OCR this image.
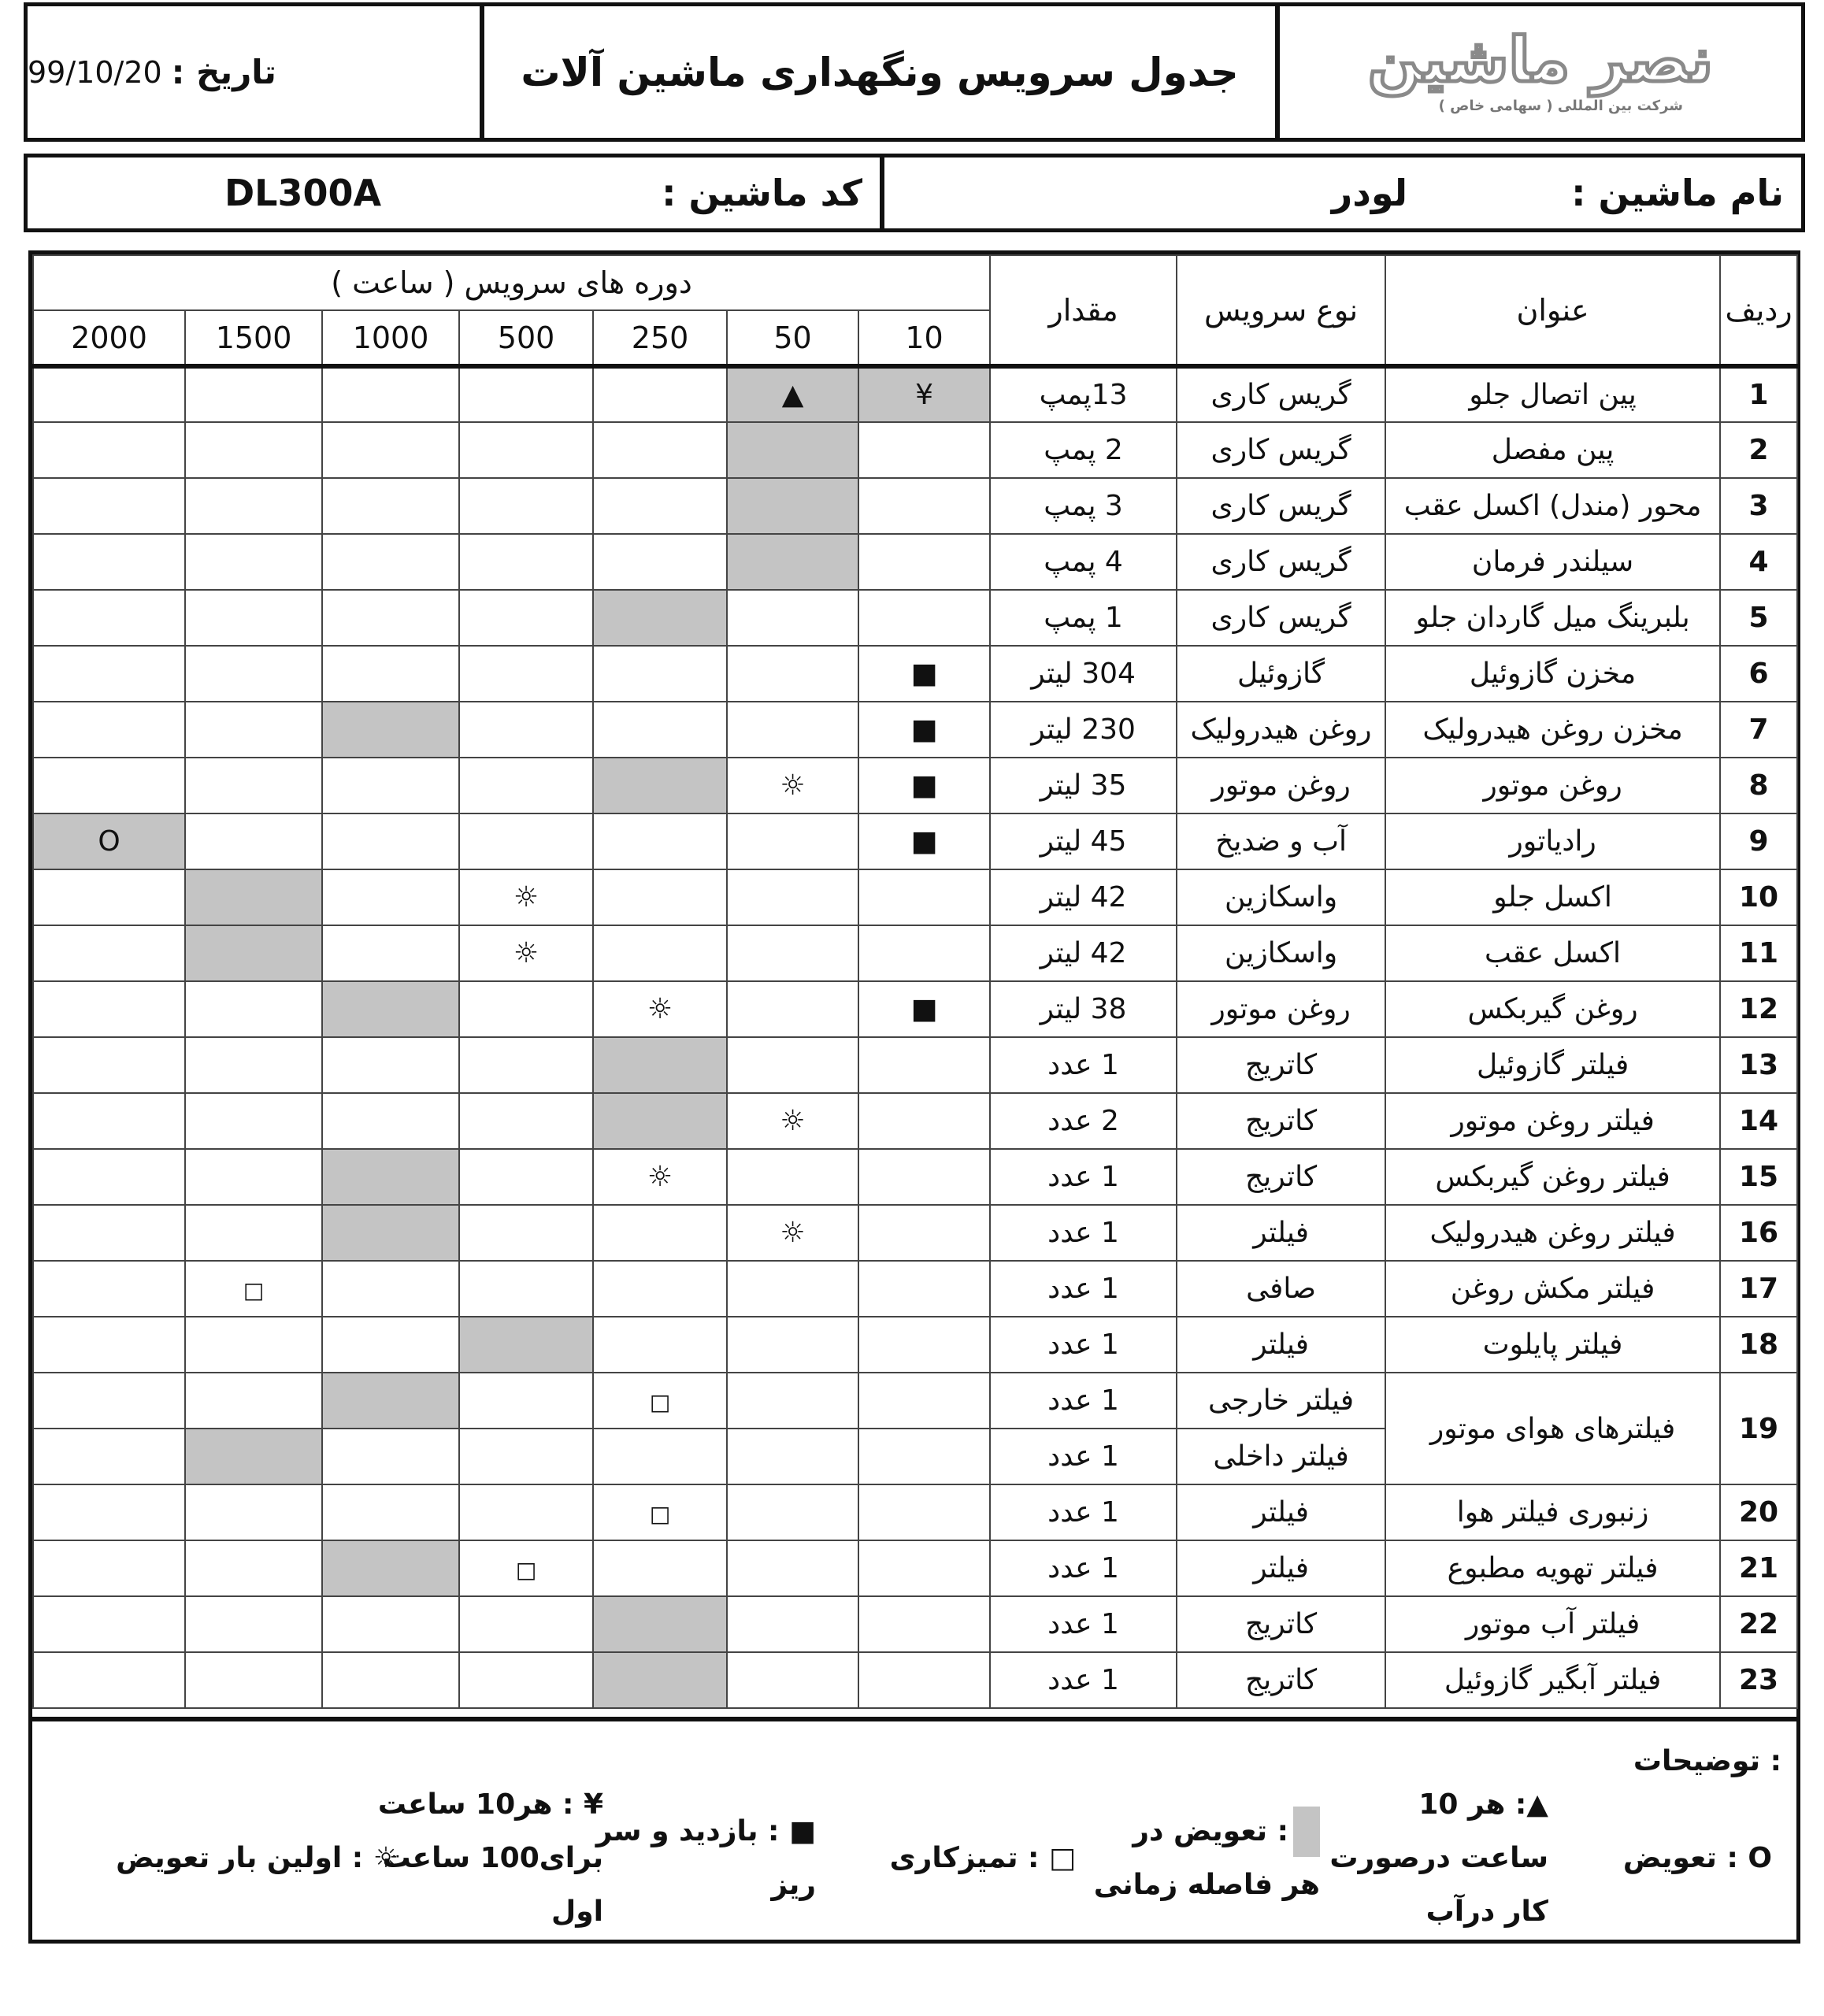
تاریخ :
99/10/20	جدول سرویس ونگهداری ماشین آلات نصر ماشین
شرکت بین المللی ( سهامی خاص )
کد ماشین :
DL300A	نام ماشین :
لودر
ردیف	عنوان	نوع سرویس	مقدار	دوره های سرویس ( ساعت )						
				10	50	250	500	1000	1500	2000
1	پین اتصال جلو	گریس کاری	13پمپ	¥	▲					
2	پین مفصل	گریس کاری	2 پمپ							
3	محور (مندل) اکسل عقب	گریس کاری	3 پمپ							
4	سیلندر فرمان	گریس کاری	4 پمپ							
5	بلبرینگ میل گاردان جلو	گریس کاری	1 پمپ							
6	مخزن گازوئیل	گازوئیل	304 لیتر	■						
7	مخزن روغن هیدرولیک	روغن هیدرولیک	230 لیتر	■						
8	روغن موتور	روغن موتور	35 لیتر	■	☼					
9	رادیاتور	آب و ضدیخ	45 لیتر	■						O
10	اکسل جلو	واسکازین	42 لیتر				☼			
11	اکسل عقب	واسکازین	42 لیتر				☼			
12	روغن گیربکس	روغن موتور	38 لیتر	■		☼				
13	فیلتر گازوئیل	کاتریج	1 عدد							
14	فیلتر روغن موتور	کاتریج	2 عدد		☼					
15	فیلتر روغن گیربکس	کاتریج	1 عدد			☼				
16	فیلتر روغن هیدرولیک	فیلتر	1 عدد		☼					
17	فیلتر مکش روغن	صافی	1 عدد						□	
18	فیلتر پایلوت	فیلتر	1 عدد							
19	فیلترهای هوای موتور	فیلتر خارجی	1 عدد			□				
		فیلتر داخلی	1 عدد							
20	زنبوری فیلتر هوا	فیلتر	1 عدد			□				
21	فیلتر تهویه مطبوع	فیلتر	1 عدد				□			
22	فیلتر آب موتور	کاتریج	1 عدد							
23	فیلتر آبگیر گازوئیل	کاتریج	1 عدد							
توضیحات :
O : تعویض
▲: هر 10
ساعت درصورت
کار درآب
: تعویض در
هر فاصله زمانی
□ : تمیزکاری
■ : بازدید و سر
ریز
¥ : هر10 ساعت
برای100 ساعت
اول
☼ : اولین بار تعویض
